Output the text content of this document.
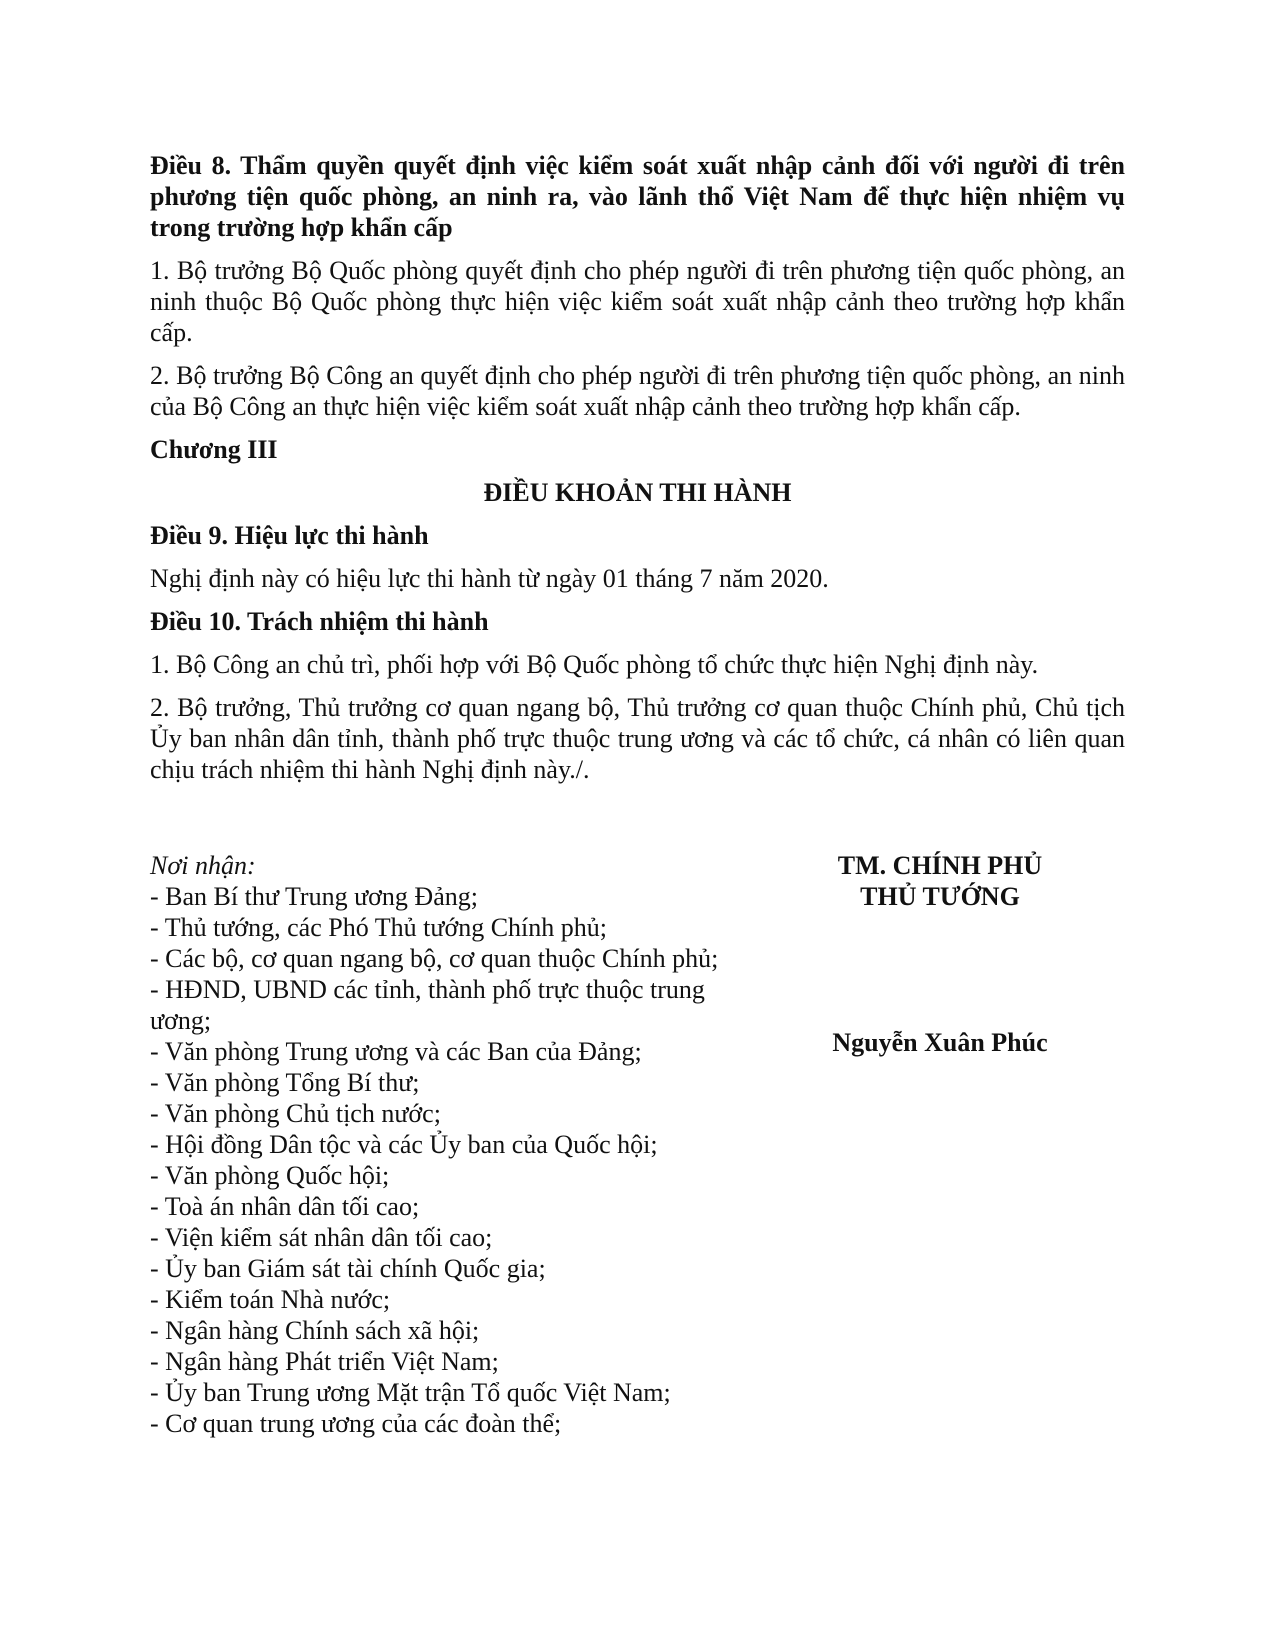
Điều 8. Thẩm quyền quyết định việc kiểm soát xuất nhập cảnh đối với người đi trên phương tiện quốc phòng, an ninh ra, vào lãnh thổ Việt Nam để thực hiện nhiệm vụ trong trường hợp khẩn cấp
1. Bộ trưởng Bộ Quốc phòng quyết định cho phép người đi trên phương tiện quốc phòng, an ninh thuộc Bộ Quốc phòng thực hiện việc kiểm soát xuất nhập cảnh theo trường hợp khẩn cấp.
2. Bộ trưởng Bộ Công an quyết định cho phép người đi trên phương tiện quốc phòng, an ninh của Bộ Công an thực hiện việc kiểm soát xuất nhập cảnh theo trường hợp khẩn cấp.
Chương III
ĐIỀU KHOẢN THI HÀNH
Điều 9. Hiệu lực thi hành
Nghị định này có hiệu lực thi hành từ ngày 01 tháng 7 năm 2020.
Điều 10. Trách nhiệm thi hành
1. Bộ Công an chủ trì, phối hợp với Bộ Quốc phòng tổ chức thực hiện Nghị định này.
2. Bộ trưởng, Thủ trưởng cơ quan ngang bộ, Thủ trưởng cơ quan thuộc Chính phủ, Chủ tịch Ủy ban nhân dân tỉnh, thành phố trực thuộc trung ương và các tổ chức, cá nhân có liên quan chịu trách nhiệm thi hành Nghị định này./.
Nơi nhận:
- Ban Bí thư Trung ương Đảng;
- Thủ tướng, các Phó Thủ tướng Chính phủ;
- Các bộ, cơ quan ngang bộ, cơ quan thuộc Chính phủ;
- HĐND, UBND các tỉnh, thành phố trực thuộc trung ương;
- Văn phòng Trung ương và các Ban của Đảng;
- Văn phòng Tổng Bí thư;
- Văn phòng Chủ tịch nước;
- Hội đồng Dân tộc và các Ủy ban của Quốc hội;
- Văn phòng Quốc hội;
- Toà án nhân dân tối cao;
- Viện kiểm sát nhân dân tối cao;
- Ủy ban Giám sát tài chính Quốc gia;
- Kiểm toán Nhà nước;
- Ngân hàng Chính sách xã hội;
- Ngân hàng Phát triển Việt Nam;
- Ủy ban Trung ương Mặt trận Tổ quốc Việt Nam;
- Cơ quan trung ương của các đoàn thể;
TM. CHÍNH PHỦ
THỦ TƯỚNG
Nguyễn Xuân Phúc
